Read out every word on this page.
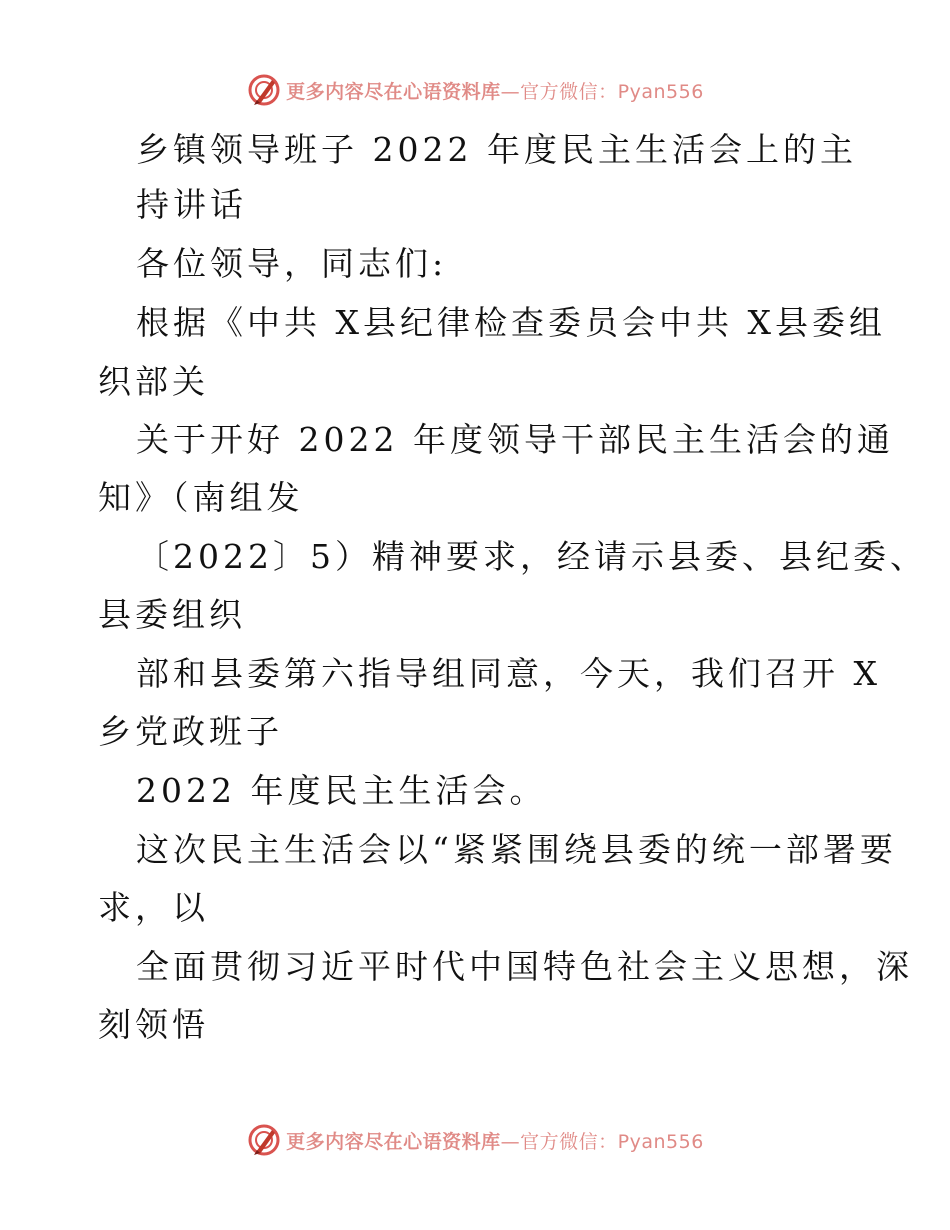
更多内容尽在心语资料库—官方微信：Pyan556
乡镇领导班子 2022 年度民主生活会上的主
持讲话
各位领导，同志们:
根据《中共 X县纪律检查委员会中共 X县委组
织部关
关于开好 2022 年度领导干部民主生活会的通
知》（南组发
〔2022〕5）精神要求，经请示县委、县纪委、
县委组织
部和县委第六指导组同意，今天，我们召开 X
乡党政班子
2022 年度民主生活会。
这次民主生活会以“紧紧围绕县委的统一部署要
求，以
全面贯彻习近平时代中国特色社会主义思想，深
刻领悟
更多内容尽在心语资料库—官方微信：Pyan556
